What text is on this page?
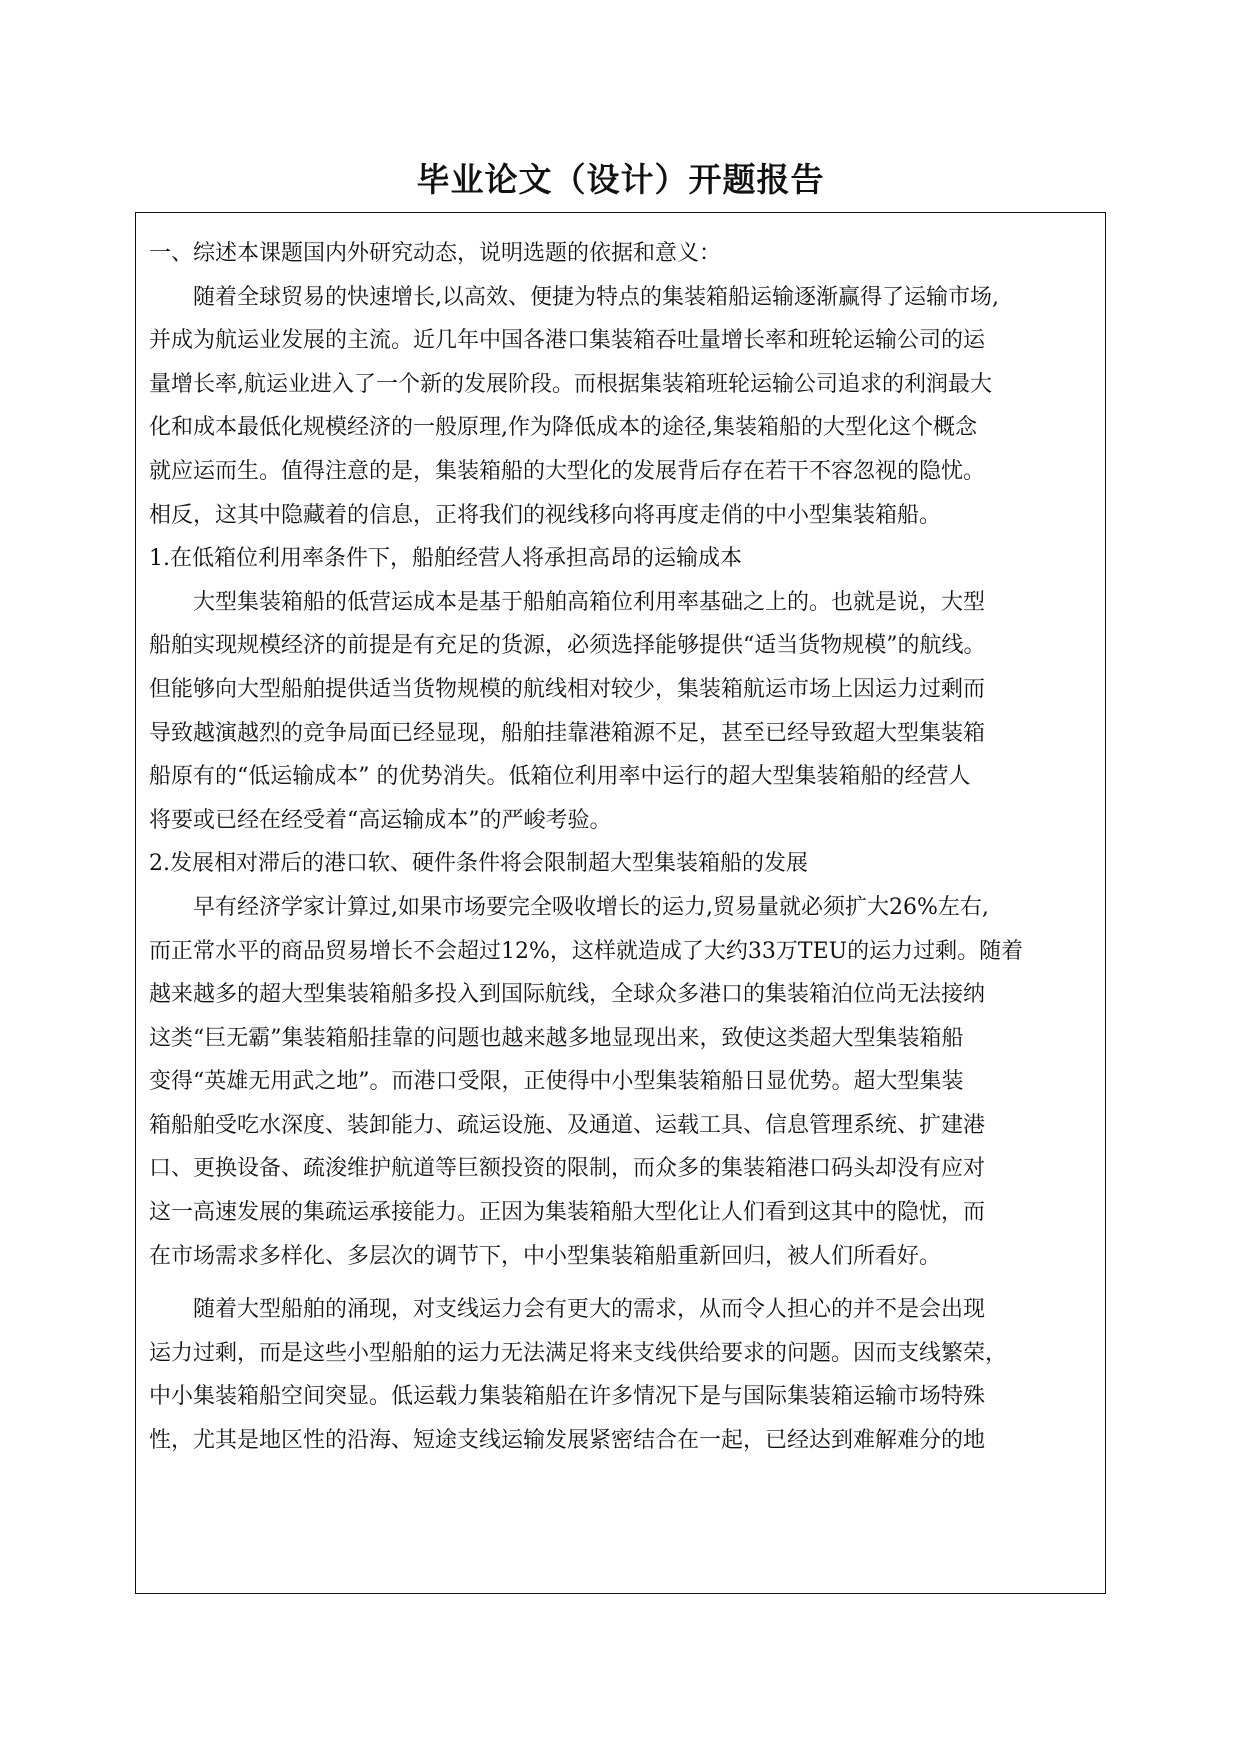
毕业论文（设计）开题报告
一、综述本课题国内外研究动态，说明选题的依据和意义：
随着全球贸易的快速增长,以高效、便捷为特点的集装箱船运输逐渐赢得了运输市场,
并成为航运业发展的主流。近几年中国各港口集装箱吞吐量增长率和班轮运输公司的运
量增长率,航运业进入了一个新的发展阶段。而根据集装箱班轮运输公司追求的利润最大
化和成本最低化规模经济的一般原理,作为降低成本的途径,集装箱船的大型化这个概念
就应运而生。值得注意的是，集装箱船的大型化的发展背后存在若干不容忽视的隐忧。
相反，这其中隐藏着的信息，正将我们的视线移向将再度走俏的中小型集装箱船。
1.在低箱位利用率条件下，船舶经营人将承担高昂的运输成本
大型集装箱船的低营运成本是基于船舶高箱位利用率基础之上的。也就是说，大型
船舶实现规模经济的前提是有充足的货源，必须选择能够提供“适当货物规模”的航线。
但能够向大型船舶提供适当货物规模的航线相对较少，集装箱航运市场上因运力过剩而
导致越演越烈的竞争局面已经显现，船舶挂靠港箱源不足，甚至已经导致超大型集装箱
船原有的“低运输成本” 的优势消失。低箱位利用率中运行的超大型集装箱船的经营人
将要或已经在经受着“高运输成本”的严峻考验。
2.发展相对滞后的港口软、硬件条件将会限制超大型集装箱船的发展
早有经济学家计算过,如果市场要完全吸收增长的运力,贸易量就必须扩大26%左右,
而正常水平的商品贸易增长不会超过12%，这样就造成了大约33万TEU的运力过剩。随着
越来越多的超大型集装箱船多投入到国际航线，全球众多港口的集装箱泊位尚无法接纳
这类“巨无霸”集装箱船挂靠的问题也越来越多地显现出来，致使这类超大型集装箱船
变得“英雄无用武之地”。而港口受限，正使得中小型集装箱船日显优势。超大型集装
箱船舶受吃水深度、装卸能力、疏运设施、及通道、运载工具、信息管理系统、扩建港
口、更换设备、疏浚维护航道等巨额投资的限制，而众多的集装箱港口码头却没有应对
这一高速发展的集疏运承接能力。正因为集装箱船大型化让人们看到这其中的隐忧，而
在市场需求多样化、多层次的调节下，中小型集装箱船重新回归，被人们所看好。
随着大型船舶的涌现，对支线运力会有更大的需求，从而令人担心的并不是会出现
运力过剩，而是这些小型船舶的运力无法满足将来支线供给要求的问题。因而支线繁荣，
中小集装箱船空间突显。低运载力集装箱船在许多情况下是与国际集装箱运输市场特殊
性，尤其是地区性的沿海、短途支线运输发展紧密结合在一起，已经达到难解难分的地
